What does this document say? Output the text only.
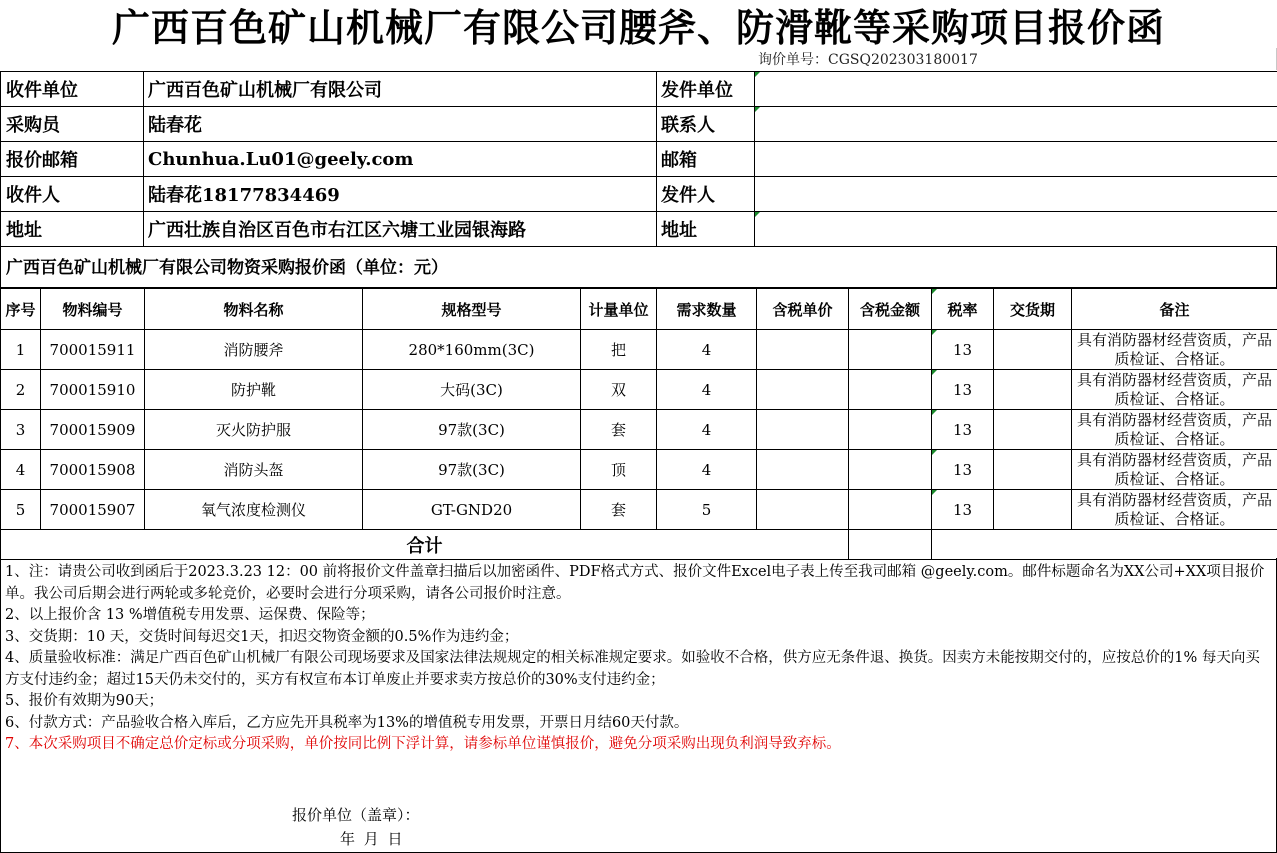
广西百色矿山机械厂有限公司腰斧、防滑靴等采购项目报价函
询价单号：CGSQ202303180017
收件单位	广西百色矿山机械厂有限公司	发件单位	
采购员	陆春花	联系人	
报价邮箱	Chunhua.Lu01@geely.com	邮箱	
收件人	陆春花18177834469	发件人	
地址	广西壮族自治区百色市右江区六塘工业园银海路	地址	
广西百色矿山机械厂有限公司物资采购报价函（单位：元）
序号	物料编号	物料名称	规格型号	计量单位	需求数量	含税单价	含税金额	税率	交货期	备注
1	700015911	消防腰斧	280*160mm(3C)	把	4			13		具有消防器材经营资质，产品质检证、合格证。
2	700015910	防护靴	大码(3C)	双	4			13		具有消防器材经营资质，产品质检证、合格证。
3	700015909	灭火防护服	97款(3C)	套	4			13		具有消防器材经营资质，产品质检证、合格证。
4	700015908	消防头盔	97款(3C)	顶	4			13		具有消防器材经营资质，产品质检证、合格证。
5	700015907	氧气浓度检测仪	GT-GND20	套	5			13		具有消防器材经营资质，产品质检证、合格证。
合计										

1、注：请贵公司收到函后于2023.3.23 12：00 前将报价文件盖章扫描后以加密函件、PDF格式方式、报价文件Excel电子表上传至我司邮箱 @geely.com。邮件标题命名为XX公司+XX项目报价单。我公司后期会进行两轮或多轮竞价，必要时会进行分项采购，请各公司报价时注意。

2、以上报价含 13 %增值税专用发票、运保费、保险等；

3、交货期：10 天，交货时间每迟交1天，扣迟交物资金额的0.5%作为违约金；

4、质量验收标准：满足广西百色矿山机械厂有限公司现场要求及国家法律法规规定的相关标准规定要求。如验收不合格，供方应无条件退、换货。因卖方未能按期交付的，应按总价的1% 每天向买方支付违约金；超过15天仍未交付的，买方有权宣布本订单废止并要求卖方按总价的30%支付违约金；

5、报价有效期为90天；

6、付款方式：产品验收合格入库后，乙方应先开具税率为13%的增值税专用发票，开票日月结60天付款。

7、本次采购项目不确定总价定标或分项采购，单价按同比例下浮计算，请参标单位谨慎报价，避免分项采购出现负利润导致弃标。

报价单位（盖章）：
年 月 日
